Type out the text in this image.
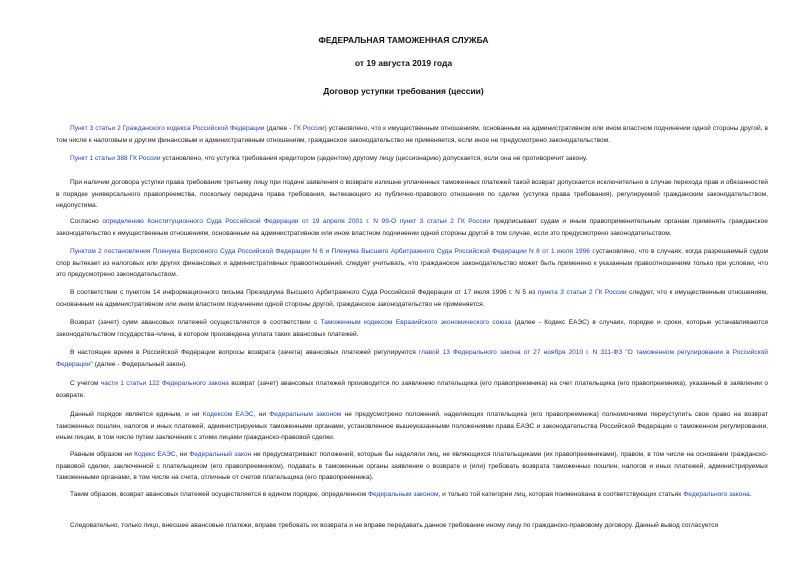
ФЕДЕРАЛЬНАЯ ТАМОЖЕННАЯ СЛУЖБА
от 19 августа 2019 года
Договор уступки требования (цессии)
Пункт 3 статьи 2 Гражданского кодекса Российской Федерации (далее - ГК России) установлено, что к имущественным отношениям, основанным на административном или ином властном подчинении одной стороны другой, в том числе к налоговым и другим финансовым и административным отношениям, гражданское законодательство не применяется, если иное не предусмотрено законодательством.
Пункт 1 статьи 388 ГК России установлено, что уступка требования кредитором (цедентом) другому лицу (цессионарию) допускается, если она не противоречит закону.
При наличии договора уступки права требования третьему лицу при подаче заявления о возврате излишне уплаченных таможенных платежей такой возврат допускается исключительно в случае перехода прав и обязанностей в порядке универсального правопреемства, поскольку передача права требования, вытекающего из публично-правового отношения по сделке (уступка права требования), регулируемой гражданским законодательством, недопустима.
Согласно определению Конституционного Суда Российской Федерации от 19 апреля 2001 г. N 99-О пункт 3 статьи 2 ГК России предписывает судам и иным правоприменительным органам применять гражданское законодательство к имущественным отношениям, основанным на административном или ином властном подчинении одной стороны другой в том случае, если это предусмотрено законодательством.
Пунктом 2 постановления Пленума Верховного Суда Российской Федерации N 6 и Пленума Высшего Арбитражного Суда Российской Федерации N 8 от 1 июля 1996 г.установлено, что в случаях, когда разрешаемый судом спор вытекает из налоговых или других финансовых и административных правоотношений, следует учитывать, что гражданское законодательство может быть применено к указанным правоотношениям только при условии, что это предусмотрено законодательством.
В соответствии с пунктом 14 информационного письма Президиума Высшего Арбитражного Суда Российской Федерации от 17 июля 1996 г. N 5 из пункта 3 статьи 2 ГК России следует, что к имущественным отношениям, основанным на административном или ином властном подчинении одной стороны другой, гражданское законодательство не применяется.
Возврат (зачет) сумм авансовых платежей осуществляется в соответствии с Таможенным кодексом Евразийского экономического союза (далее - Кодекс ЕАЭС) в случаях, порядке и сроки, которые устанавливаются законодательством государства-члена, в котором произведена уплата таких авансовых платежей.
В настоящее время в Российской Федерации вопросы возврата (зачета) авансовых платежей регулируются главой 13 Федерального закона от 27 ноября 2010 г. N 311-ФЗ "О таможенном регулировании в Российской Федерации" (далее - Федеральный закон).
С учетом части 1 статьи 122 Федерального закона возврат (зачет) авансовых платежей производится по заявлению плательщика (его правопреемника) на счет плательщика (его правопреемника), указанный в заявлении о возврате.
Данный порядок является единым, и ни Кодексом ЕАЭС, ни Федеральным законом не предусмотрено положений, наделяющих плательщика (его правопреемника) полномочиями переуступить свое право на возврат таможенных пошлин, налогов и иных платежей, администрируемых таможенными органами, установленное вышеуказанными положениями права ЕАЭС и законодательства Российской Федерации о таможенном регулировании, иным лицам, в том числе путем заключения с этими лицами гражданско-правовой сделки.
Равным образом ни Кодекс ЕАЭС, ни Федеральный закон не предусматривают положений, которые бы наделяли лиц, не являющихся плательщиками (их правопреемниками), правом, в том числе на основании гражданско-правовой сделки, заключенной с плательщиком (его правопреемником), подавать в таможенные органы заявление о возврате и (или) требовать возврата таможенных пошлин, налогов и иных платежей, администрируемых таможенными органами, в том числе на счета, отличные от счетов плательщика (его правопреемника).
Таким образом, возврат авансовых платежей осуществляется в едином порядке, определенном Федеральным законом, и только той категории лиц, которая поименована в соответствующих статьях Федерального закона.
Следовательно, только лицо, внесшее авансовые платежи, вправе требовать их возврата и не вправе передавать данное требование иному лицу по гражданско-правовому договору. Данный вывод согласуется
